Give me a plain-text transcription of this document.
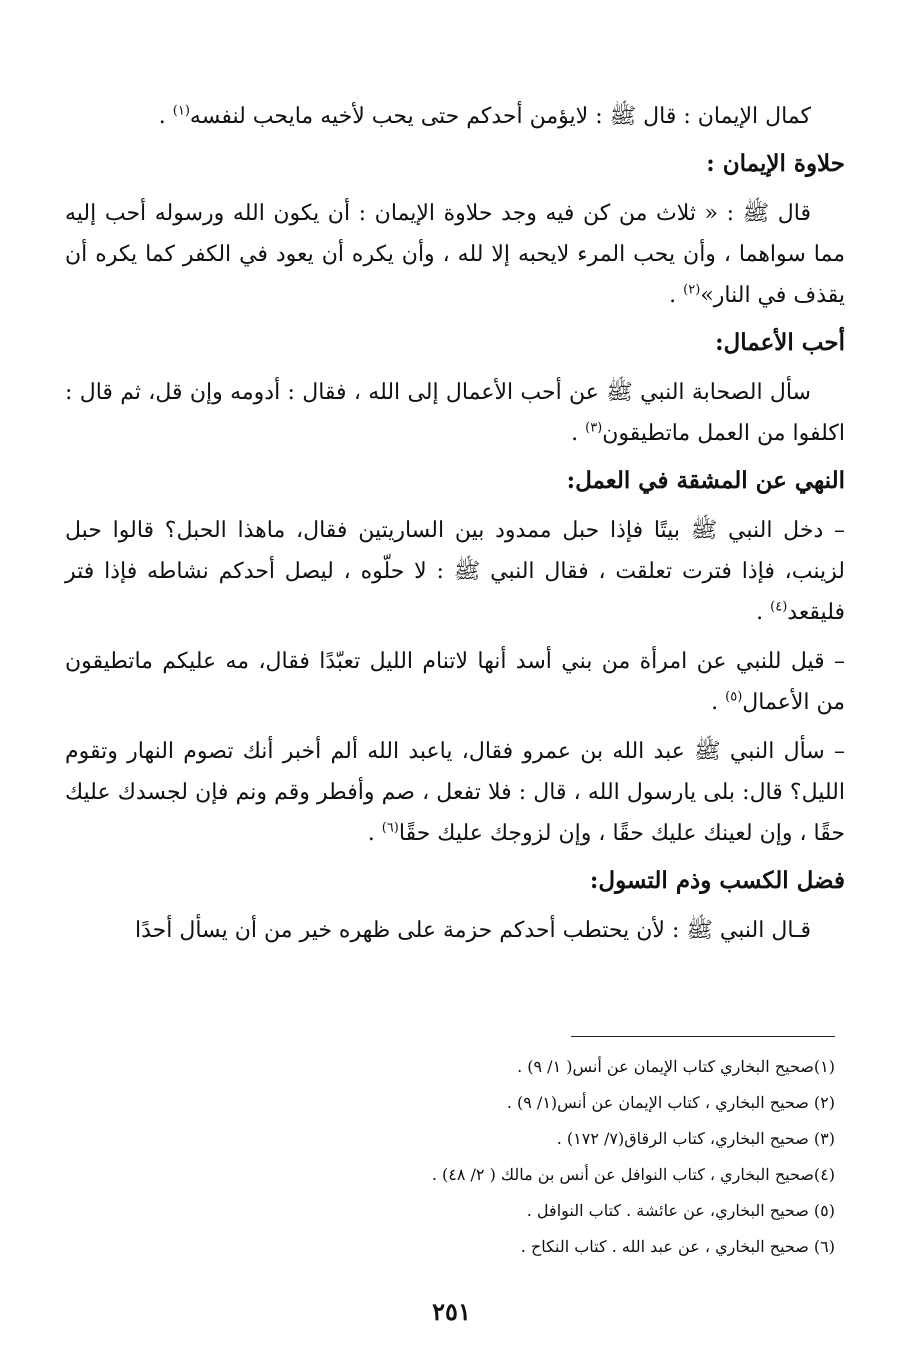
كمال الإيمان : قال ﷺ : لايؤمن أحدكم حتى يحب لأخيه مايحب لنفسه$^{(١)}$ .

حلاوة الإيمان :

قال ﷺ : « ثلاث من كن فيه وجد حلاوة الإيمان : أن يكون الله ورسوله أحب إليه مما سواهما ، وأن يحب المرء لايحبه إلا لله ، وأن يكره أن يعود في الكفر كما يكره أن يقذف في النار»$^{(٢)}$ .

أحب الأعمال:

سأل الصحابة النبي ﷺ عن أحب الأعمال إلى الله ، فقال : أدومه وإن قل، ثم قال : اكلفوا من العمل ماتطيقون$^{(٣)}$ .

النهي عن المشقة في العمل:

– دخل النبي ﷺ بيتًا فإذا حبل ممدود بين الساريتين فقال، ماهذا الحبل؟ قالوا حبل لزينب، فإذا فترت تعلقت ، فقال النبي ﷺ : لا حلّوه ، ليصل أحدكم نشاطه فإذا فتر فليقعد$^{(٤)}$ .

– قيل للنبي عن امرأة من بني أسد أنها لاتنام الليل تعبّدًا فقال، مه عليكم ماتطيقون من الأعمال$^{(٥)}$ .

– سأل النبي ﷺ عبد الله بن عمرو فقال، ياعبد الله ألم أخبر أنك تصوم النهار وتقوم الليل؟ قال: بلى يارسول الله ، قال : فلا تفعل ، صم وأفطر وقم ونم فإن لجسدك عليك حقًا ، وإن لعينك عليك حقًا ، وإن لزوجك عليك حقًا$^{(٦)}$ .

فضل الكسب وذم التسول:

قـال النبي ﷺ : لأن يحتطب أحدكم حزمة على ظهره خير من أن يسأل أحدًا

(١)صحيح البخاري كتاب الإيمان عن أنس( ١/ ٩) .
(٢) صحيح البخاري ، كتاب الإيمان عن أنس(١/ ٩) .
(٣) صحيح البخاري، كتاب الرقاق(٧/ ١٧٢) .
(٤)صحيح البخاري ، كتاب النوافل عن أنس بن مالك ( ٢/ ٤٨) .
(٥) صحيح البخاري، عن عائشة . كتاب النوافل .
(٦) صحيح البخاري ، عن عبد الله . كتاب النكاح .
٢٥١
